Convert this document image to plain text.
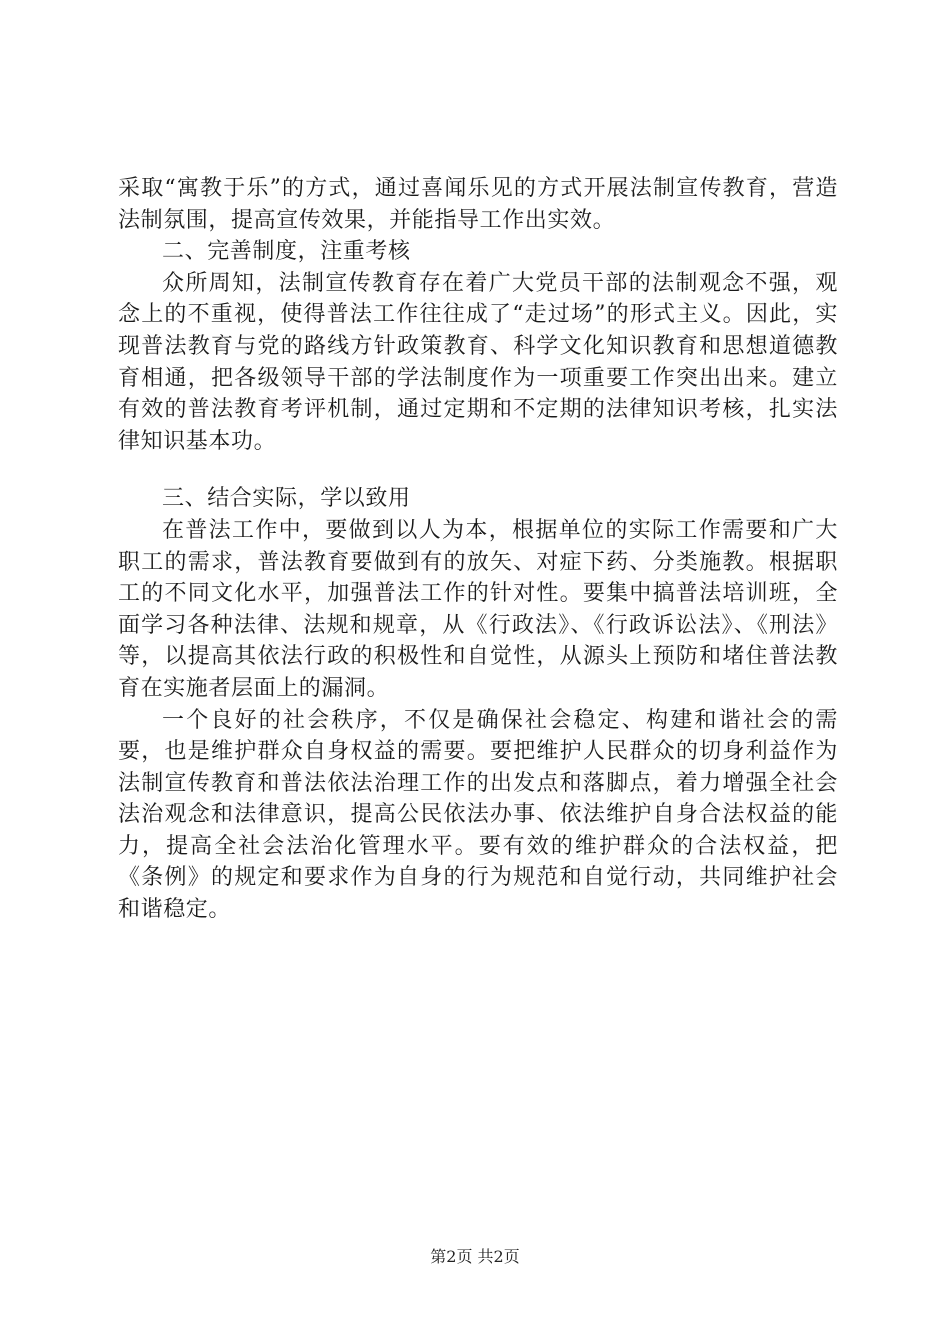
采取“寓教于乐”的方式，通过喜闻乐见的方式开展法制宣传教育，营造法制氛围，提高宣传效果，并能指导工作出实效。

二、完善制度，注重考核

众所周知，法制宣传教育存在着广大党员干部的法制观念不强，观念上的不重视，使得普法工作往往成了“走过场”的形式主义。因此，实现普法教育与党的路线方针政策教育、科学文化知识教育和思想道德教育相通，把各级领导干部的学法制度作为一项重要工作突出出来。建立有效的普法教育考评机制，通过定期和不定期的法律知识考核，扎实法律知识基本功。

三、结合实际，学以致用

在普法工作中，要做到以人为本，根据单位的实际工作需要和广大职工的需求，普法教育要做到有的放矢、对症下药、分类施教。根据职工的不同文化水平，加强普法工作的针对性。要集中搞普法培训班，全面学习各种法律、法规和规章，从《行政法》、《行政诉讼法》、《刑法》等，以提高其依法行政的积极性和自觉性，从源头上预防和堵住普法教育在实施者层面上的漏洞。

一个良好的社会秩序，不仅是确保社会稳定、构建和谐社会的需要，也是维护群众自身权益的需要。要把维护人民群众的切身利益作为法制宣传教育和普法依法治理工作的出发点和落脚点，着力增强全社会法治观念和法律意识，提高公民依法办事、依法维护自身合法权益的能力，提高全社会法治化管理水平。要有效的维护群众的合法权益，把《条例》的规定和要求作为自身的行为规范和自觉行动，共同维护社会和谐稳定。

第2页 共2页
